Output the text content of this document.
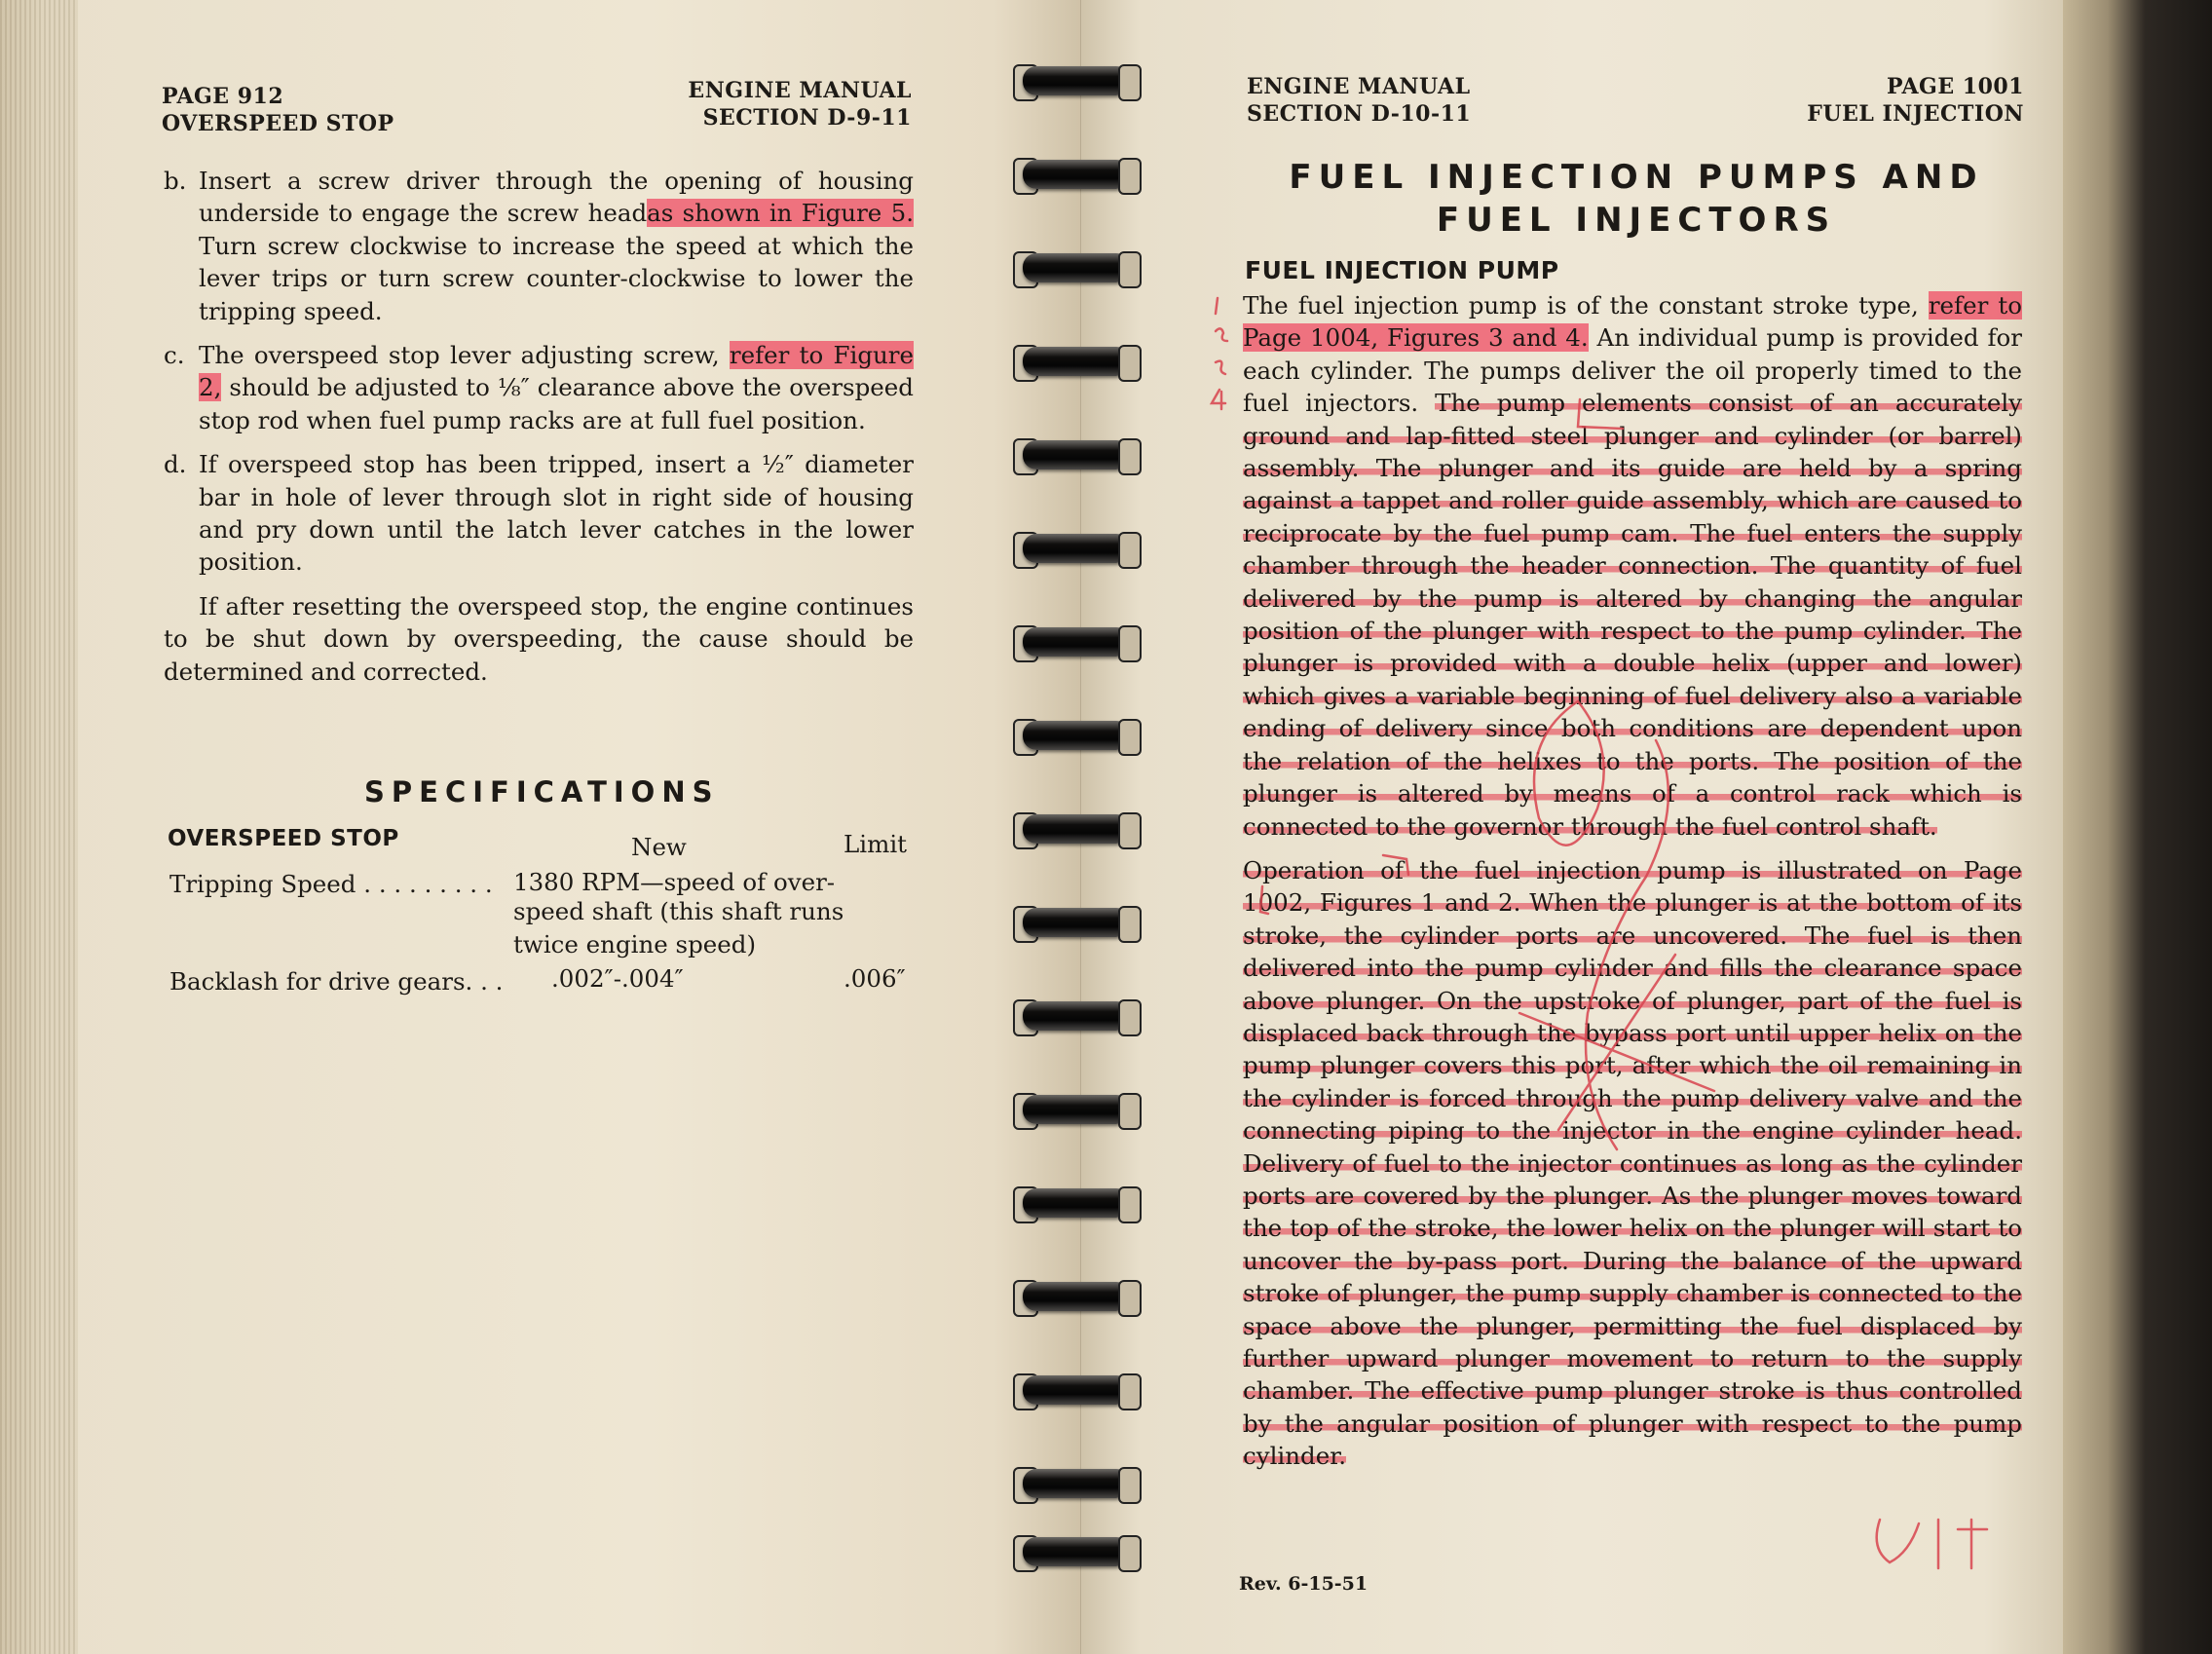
PAGE 912
OVERSPEED STOP
ENGINE MANUAL
SECTION D-9-11
b. Insert a screw driver through the opening of housing underside to engage the screw headas shown in Figure 5. Turn screw clockwise to increase the speed at which the lever trips or turn screw counter-clockwise to lower the tripping speed.
c. The overspeed stop lever adjusting screw, refer to Figure 2, should be adjusted to ⅛″ clearance above the overspeed stop rod when fuel pump racks are at full fuel position.
d. If overspeed stop has been tripped, insert a ½″ diameter bar in hole of lever through slot in right side of housing and pry down until the latch lever catches in the lower position.

If after resetting the overspeed stop, the engine continues to be shut down by overspeeding, the cause should be determined and corrected.

SPECIFICATIONS
OVERSPEED STOP	New	Limit
Tripping Speed . . . . . . . . . 1380 RPM—speed of over-
speed shaft (this shaft runs
twice engine speed)
Backlash for drive gears. . . .002″-.004″	.006″
ENGINE MANUAL
SECTION D-10-11
PAGE 1001
FUEL INJECTION
FUEL INJECTION PUMPS AND
FUEL INJECTORS
FUEL INJECTION PUMP

The fuel injection pump is of the constant stroke type, refer to Page 1004, Figures 3 and 4. An individual pump is provided for each cylinder. The pumps deliver the oil properly timed to the fuel injectors. The pump elements consist of an accurately ground and lap-fitted steel plunger and cylinder (or barrel) assembly. The plunger and its guide are held by a spring against a tappet and roller guide assembly, which are caused to reciprocate by the fuel pump cam. The fuel enters the supply chamber through the header connection. The quantity of fuel delivered by the pump is altered by changing the angular position of the plunger with respect to the pump cylinder. The plunger is provided with a double helix (upper and lower) which gives a variable beginning of fuel delivery also a variable ending of delivery since both conditions are dependent upon the relation of the helixes to the ports. The position of the plunger is altered by means of a control rack which is connected to the governor through the fuel control shaft.

Operation of the fuel injection pump is illustrated on Page 1002, Figures 1 and 2. When the plunger is at the bottom of its stroke, the cylinder ports are uncovered. The fuel is then delivered into the pump cylinder and fills the clearance space above plunger. On the upstroke of plunger, part of the fuel is displaced back through the bypass port until upper helix on the pump plunger covers this port, after which the oil remaining in the cylinder is forced through the pump delivery valve and the connecting piping to the injector in the engine cylinder head. Delivery of fuel to the injector continues as long as the cylinder ports are covered by the plunger. As the plunger moves toward the top of the stroke, the lower helix on the plunger will start to uncover the by-pass port. During the balance of the upward stroke of plunger, the pump supply chamber is connected to the space above the plunger, permitting the fuel displaced by further upward plunger movement to return to the supply chamber. The effective pump plunger stroke is thus controlled by the angular position of plunger with respect to the pump cylinder.

Rev. 6-15-51
